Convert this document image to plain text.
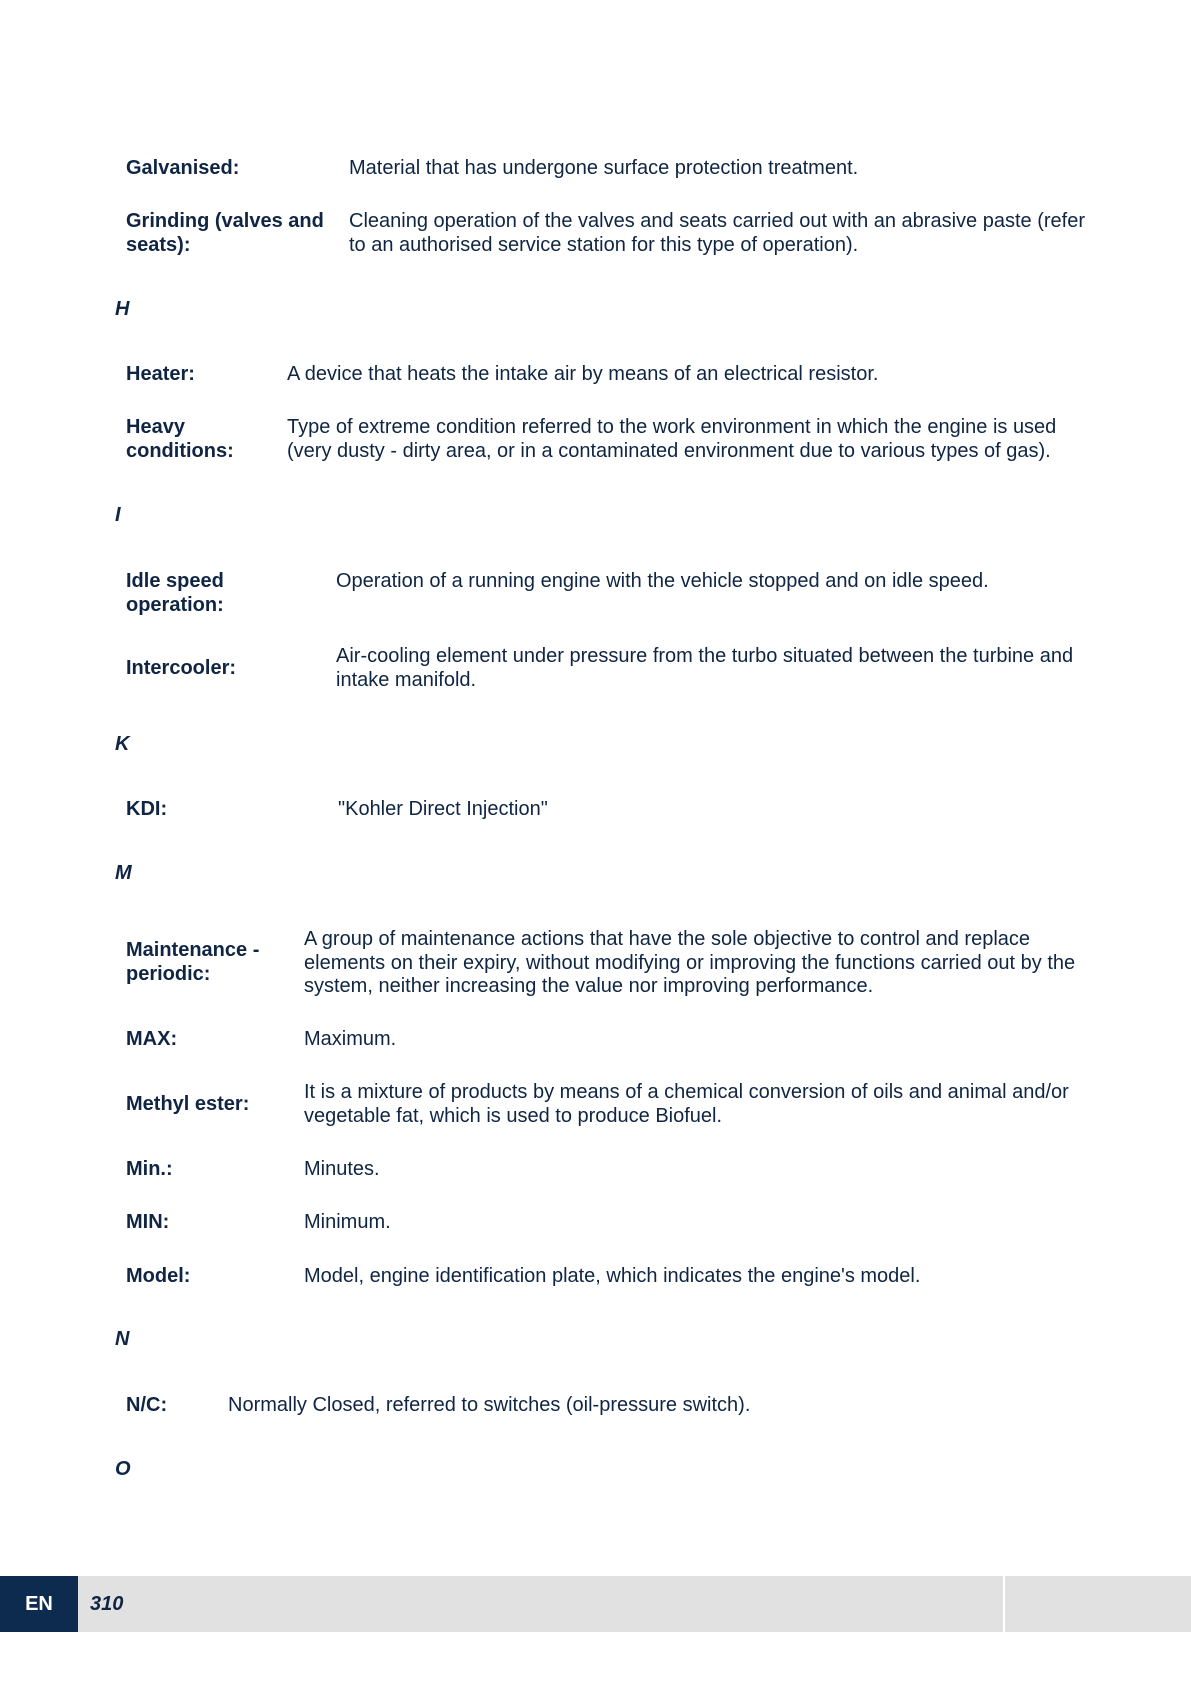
Galvanised:	Material that has undergone surface protection treatment.
Grinding (valves and seats):
Cleaning operation of the valves and seats carried out with an abrasive paste (refer to an authorised service station for this type of operation).
H
Heater:	A device that heats the intake air by means of an electrical resistor.
Heavy conditions:
Type of extreme condition referred to the work environment in which the engine is used (very dusty - dirty area, or in a contaminated environment due to various types of gas).
I
Idle speed operation:
Operation of a running engine with the vehicle stopped and on idle speed.
Intercooler:
Air-cooling element under pressure from the turbo situated between the turbine and intake manifold.
K
KDI:	"Kohler Direct Injection"
M
Maintenance - periodic:
A group of maintenance actions that have the sole objective to control and replace elements on their expiry, without modifying or improving the functions carried out by the system, neither increasing the value nor improving performance.
MAX:	Maximum.
Methyl ester:
It is a mixture of products by means of a chemical conversion of oils and animal and/or vegetable fat, which is used to produce Biofuel.
Min.:	Minutes.
MIN:	Minimum.
Model:	Model, engine identification plate, which indicates the engine's model.
N
N/C:	Normally Closed, referred to switches (oil-pressure switch).
O
EN	310
